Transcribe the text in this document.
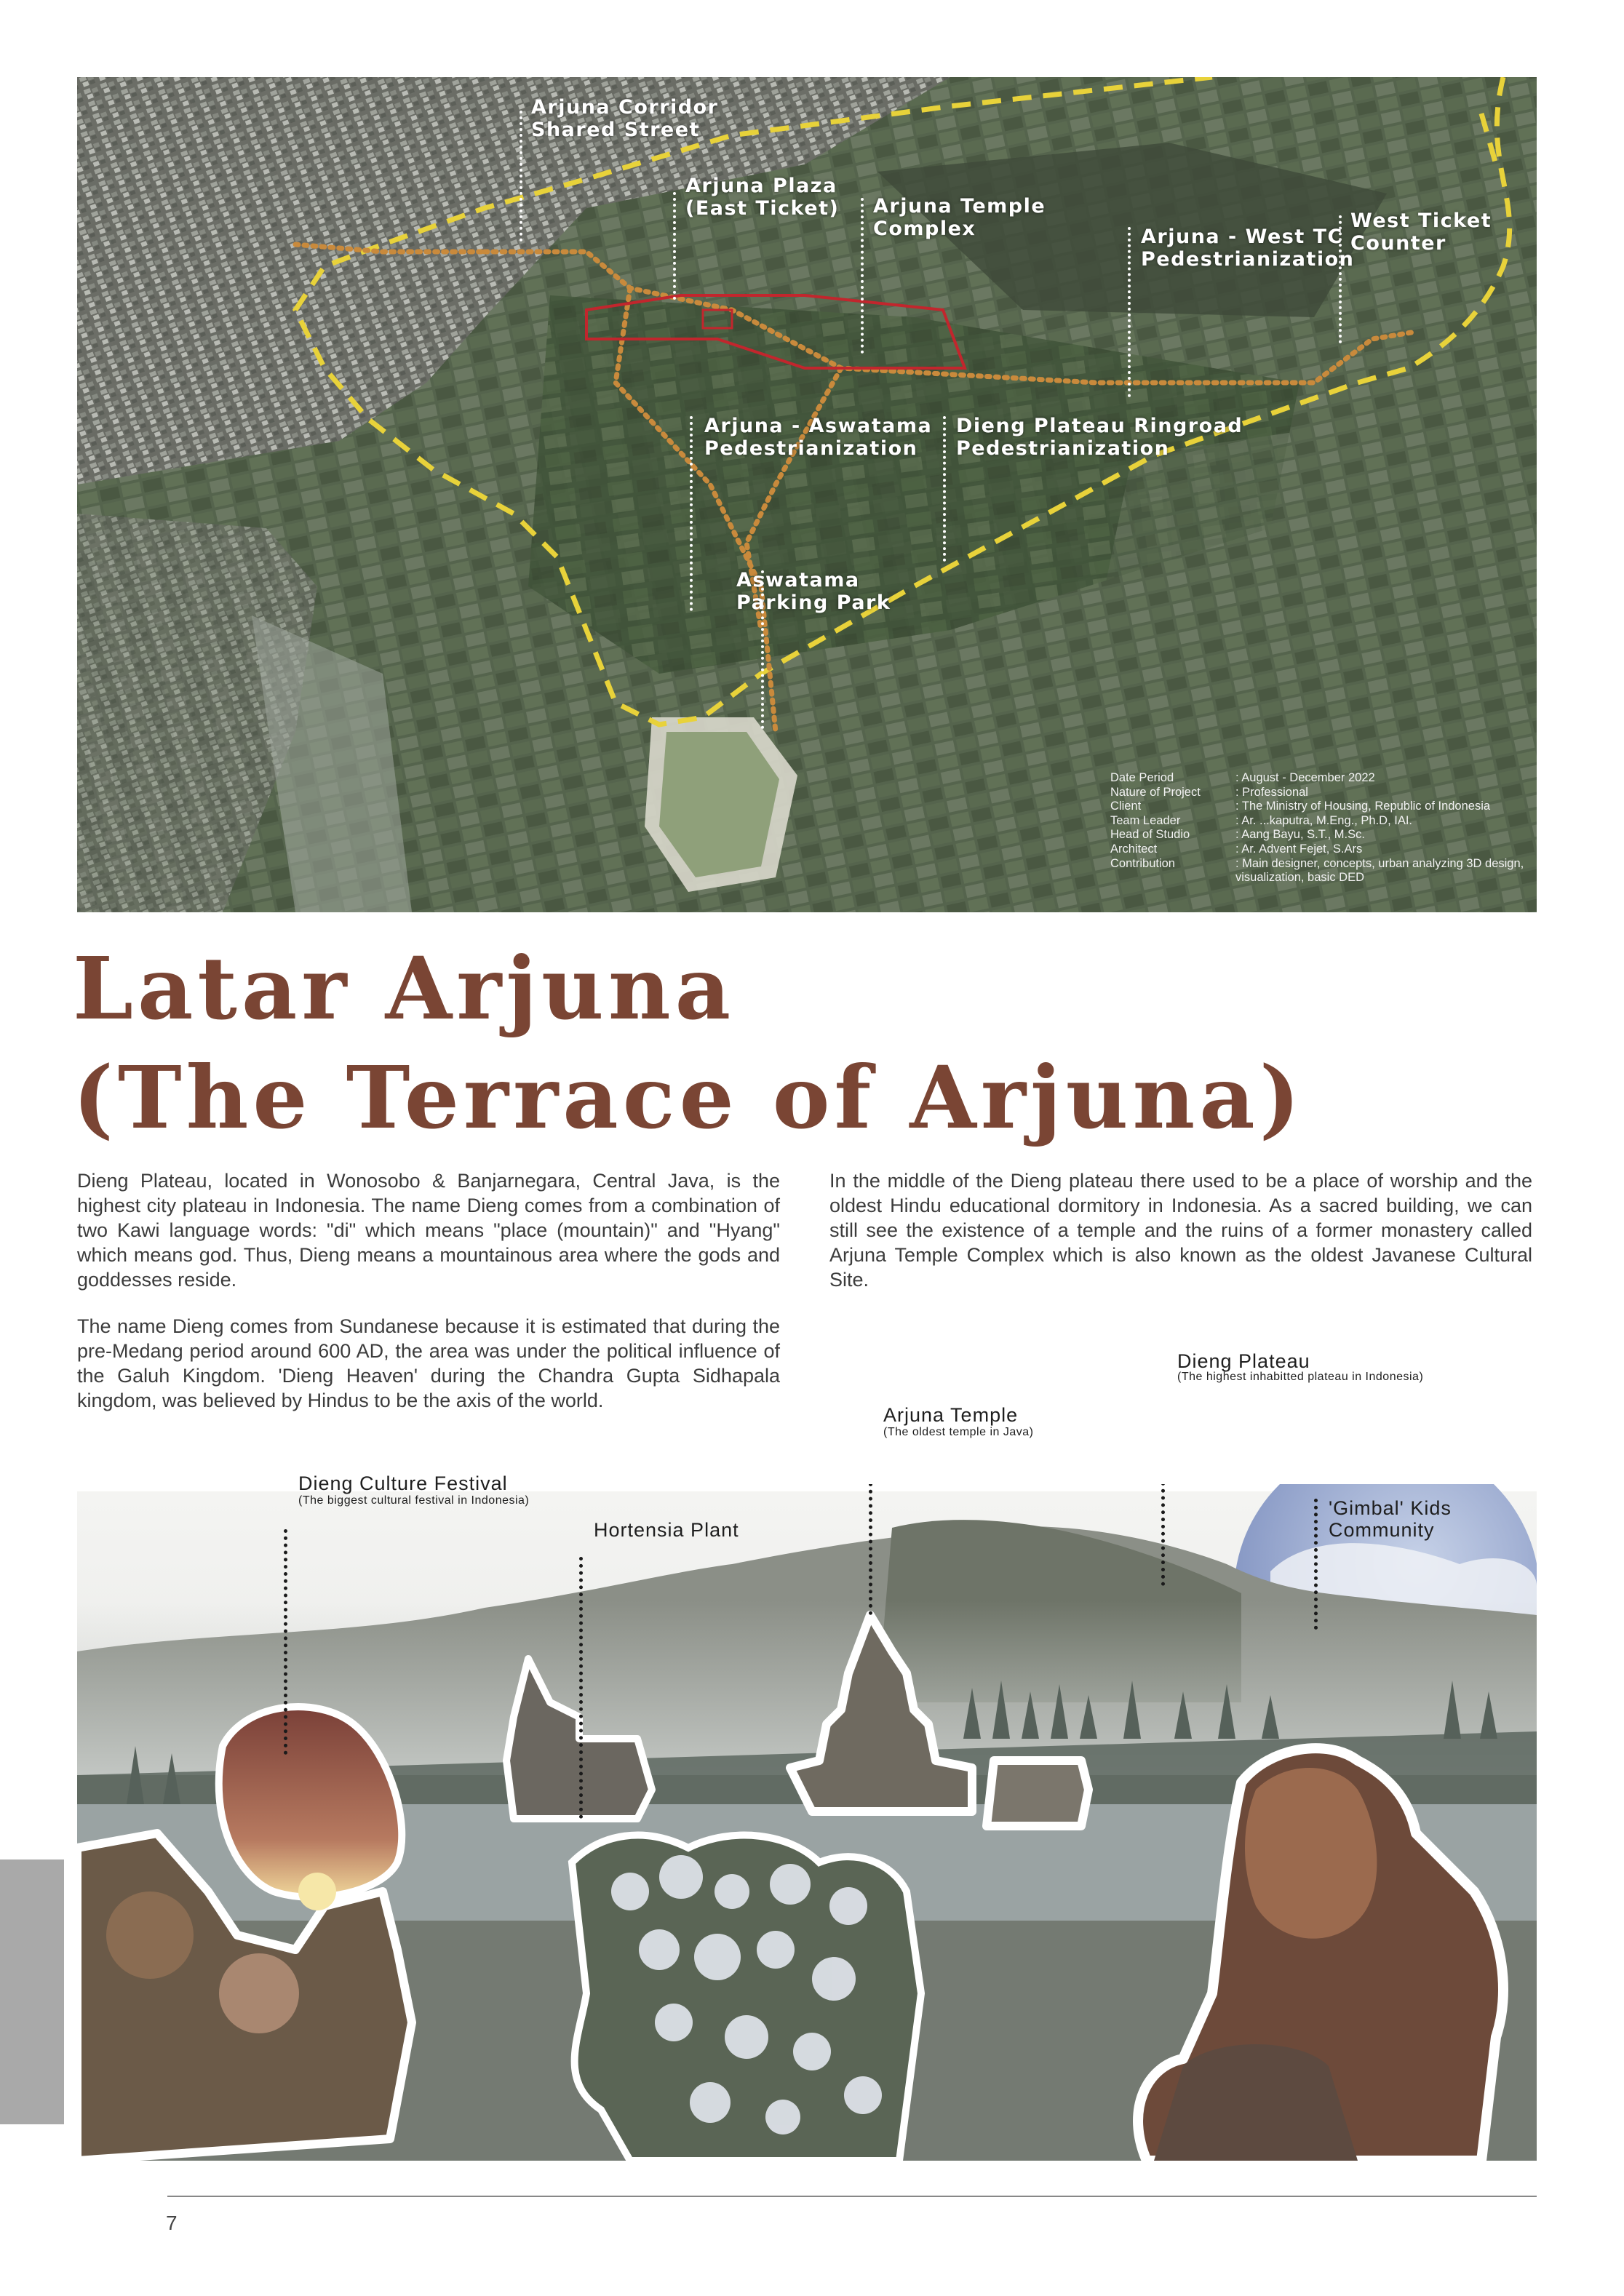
Arjuna Corridor
Shared Street
Arjuna Plaza
(East Ticket) Arjuna Temple
Complex	Arjuna - West TC
Pedestrianization
West Ticket
Counter
Arjuna - Aswatama
Pedestrianization
Dieng Plateau Ringroad
Pedestrianization
Aswatama
Parking Park
Date Period	: August - December 2022
Nature of Project	: Professional
Client	: The Ministry of Housing, Republic of Indonesia
Team Leader	: Ar. ...kaputra, M.Eng., Ph.D, IAI.
Head of Studio	: Aang Bayu, S.T., M.Sc.
Architect	: Ar. Advent Fejet, S.Ars
Contribution	: Main designer, concepts, urban analyzing 3D design, visualization, basic DED
Latar Arjuna
(The Terrace of Arjuna)

Dieng Plateau, located in Wonosobo & Banjarnegara, Central Java, is the highest city plateau in Indonesia. The name Dieng comes from a combination of two Kawi language words: "di" which means "place (mountain)" and "Hyang" which means god. Thus, Dieng means a mountainous area where the gods and goddesses reside.

The name Dieng comes from Sundanese because it is estimated that during the pre-Medang period around 600 AD, the area was under the political influence of the Galuh Kingdom. 'Dieng Heaven' during the Chandra Gupta Sidhapala kingdom, was believed by Hindus to be the axis of the world.

In the middle of the Dieng plateau there used to be a place of worship and the oldest Hindu educational dormitory in Indonesia. As a sacred building, we can still see the existence of a temple and the ruins of a former monastery called Arjuna Temple Complex which is also known as the oldest Javanese Cultural Site.

Dieng Culture Festival
(The biggest cultural festival in Indonesia)
Hortensia Plant
Arjuna Temple
(The oldest temple in Java)
Dieng Plateau
(The highest inhabitted plateau in Indonesia)
'Gimbal' Kids
Community
7
